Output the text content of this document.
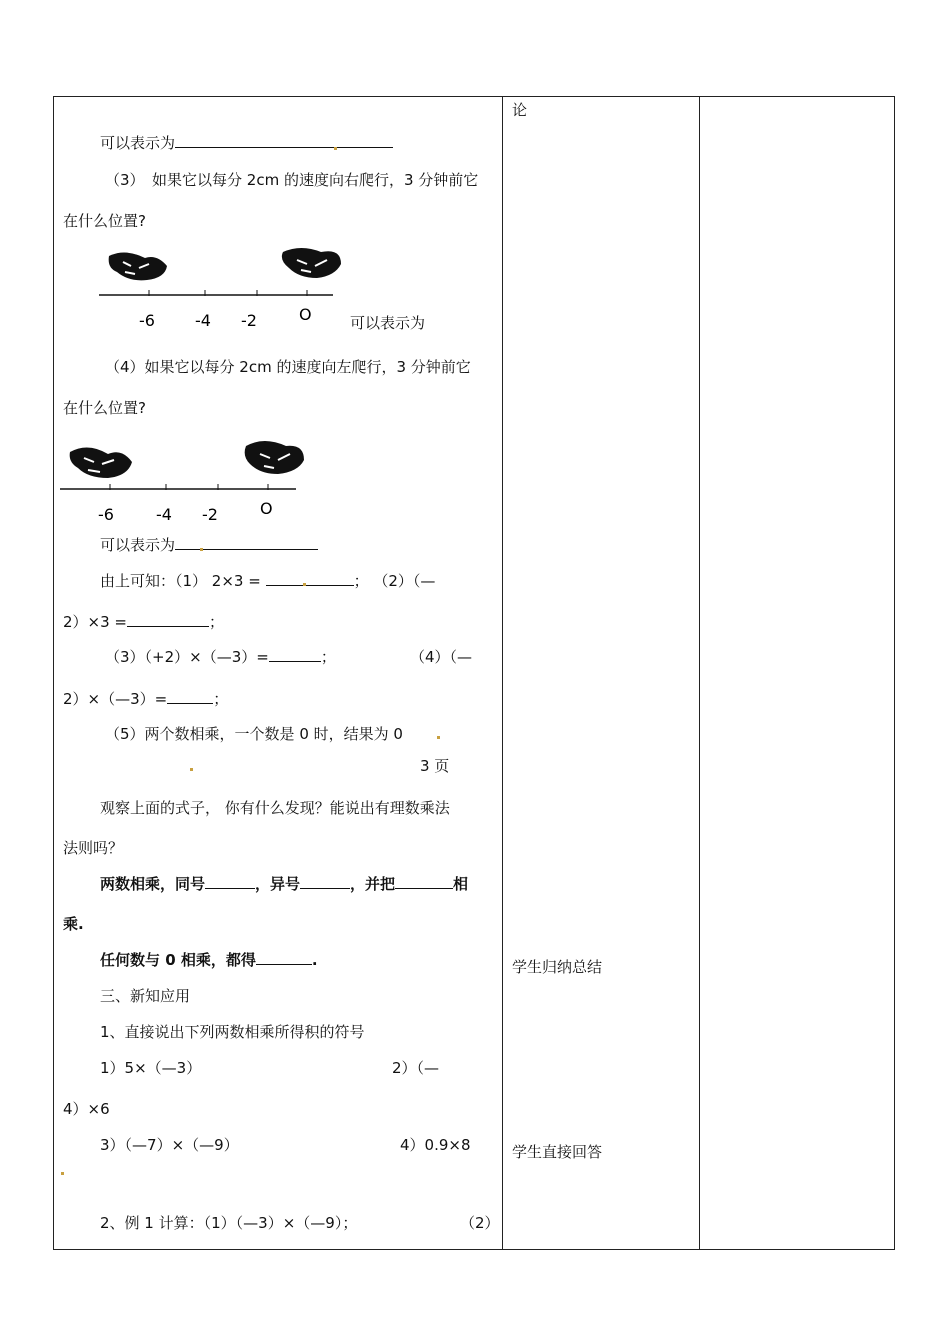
论
学生归纳总结
学生直接回答
可以表示为
（3）　如果它以每分 2cm 的速度向右爬行，3 分钟前它
在什么位置?
-6	-4 -2	O	可以表示为
（4）如果它以每分 2cm 的速度向左爬行，3 分钟前它
在什么位置?
-6	-4 -2	O
可以表示为
由上可知：（1） 2×3 =	； （2）（—
2）×3 =	；
（3）（+2）×（—3）=	；	（4）（—
2）×（—3）=	；
（5）两个数相乘，一个数是 0 时，结果为 0
3 页
观察上面的式子， 你有什么发现？能说出有理数乘法
法则吗？
两数相乘，同号	，异号	，并把	相
乘.
任何数与 0 相乘，都得	.
三、新知应用
1、直接说出下列两数相乘所得积的符号
1）5×（—3）	2）（—
4）×6
3）（—7）×（—9）	4）0.9×8
2、例 1 计算：（1）（—3）×（—9）；	（2）
